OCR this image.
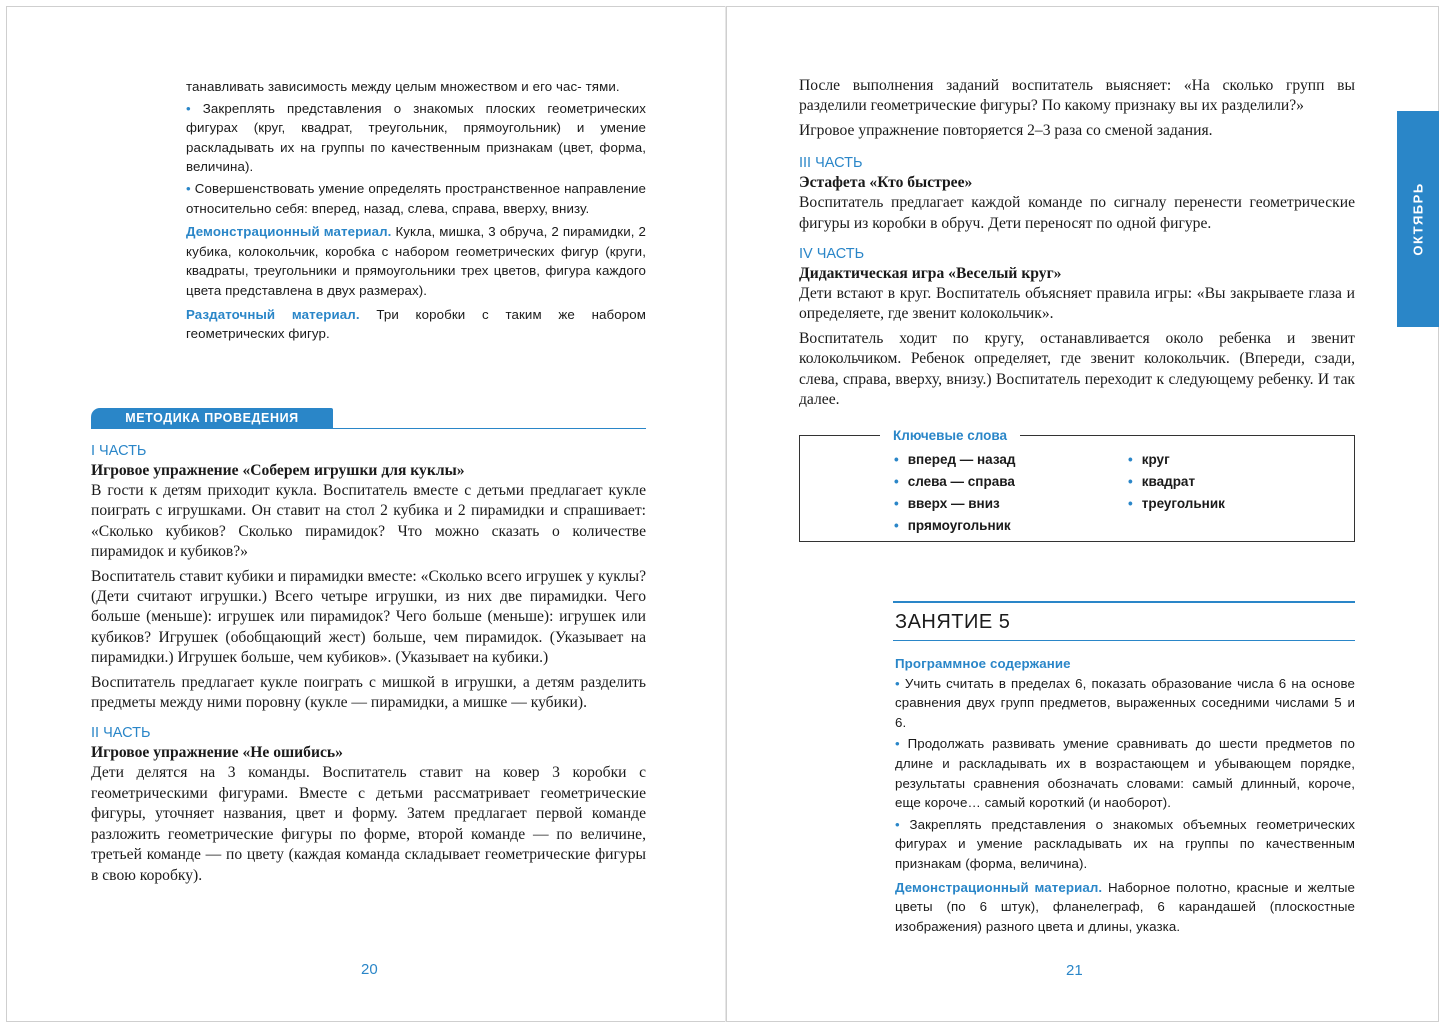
танавливать зависимость между целым множеством и его час- тями.

• Закреплять представления о знакомых плоских геометрических фигурах (круг, квадрат, треугольник, прямоугольник) и умение раскладывать их на группы по качественным признакам (цвет, форма, величина).

• Совершенствовать умение определять пространственное направление относительно себя: вперед, назад, слева, справа, вверху, внизу.

Демонстрационный материал. Кукла, мишка, 3 обруча, 2 пирамидки, 2 кубика, колокольчик, коробка с набором геометрических фигур (круги, квадраты, треугольники и прямоугольники трех цветов, фигура каждого цвета представлена в двух размерах).

Раздаточный материал. Три коробки с таким же набором геометрических фигур.

МЕТОДИКА ПРОВЕДЕНИЯ

I ЧАСТЬ

Игровое упражнение «Соберем игрушки для куклы»

В гости к детям приходит кукла. Воспитатель вместе с детьми предлагает кукле поиграть с игрушками. Он ставит на стол 2 кубика и 2 пирамидки и спрашивает: «Сколько кубиков? Сколько пирамидок? Что можно сказать о количестве пирамидок и кубиков?»

Воспитатель ставит кубики и пирамидки вместе: «Сколько всего игрушек у куклы? (Дети считают игрушки.) Всего четыре игрушки, из них две пирамидки. Чего больше (меньше): игрушек или пирамидок? Чего больше (меньше): игрушек или кубиков? Игрушек (обобщающий жест) больше, чем пирамидок. (Указывает на пирамидки.) Игрушек больше, чем кубиков». (Указывает на кубики.)

Воспитатель предлагает кукле поиграть с мишкой в игрушки, а детям разделить предметы между ними поровну (кукле — пирамидки, а мишке — кубики).

II ЧАСТЬ

Игровое упражнение «Не ошибись»

Дети делятся на 3 команды. Воспитатель ставит на ковер 3 коробки с геометрическими фигурами. Вместе с детьми рассматривает геометрические фигуры, уточняет названия, цвет и форму. Затем предлагает первой команде разложить геометрические фигуры по форме, второй команде — по величине, третьей команде — по цвету (каждая команда складывает геометрические фигуры в свою коробку).

20

После выполнения заданий воспитатель выясняет: «На сколько групп вы разделили геометрические фигуры? По какому признаку вы их разделили?»

Игровое упражнение повторяется 2–3 раза со сменой задания.

III ЧАСТЬ

Эстафета «Кто быстрее»

Воспитатель предлагает каждой команде по сигналу перенести геометрические фигуры из коробки в обруч. Дети переносят по одной фигуре.

IV ЧАСТЬ

Дидактическая игра «Веселый круг»

Дети встают в круг. Воспитатель объясняет правила игры: «Вы закрываете глаза и определяете, где звенит колокольчик».

Воспитатель ходит по кругу, останавливается около ребенка и звенит колокольчиком. Ребенок определяет, где звенит колокольчик. (Впереди, сзади, слева, справа, вверху, внизу.) Воспитатель переходит к следующему ребенку. И так далее.

ОКТЯБРЬ
Ключевые слова
• вперед — назад
• слева — справа
• вверх — вниз
• прямоугольник
• круг
• квадрат
• треугольник
ЗАНЯТИЕ 5

Программное содержание

• Учить считать в пределах 6, показать образование числа 6 на основе сравнения двух групп предметов, выраженных соседними числами 5 и 6.

• Продолжать развивать умение сравнивать до шести предметов по длине и раскладывать их в возрастающем и убывающем порядке, результаты сравнения обозначать словами: самый длинный, короче, еще короче… самый короткий (и наоборот).

• Закреплять представления о знакомых объемных геометрических фигурах и умение раскладывать их на группы по качественным признакам (форма, величина).

Демонстрационный материал. Наборное полотно, красные и желтые цветы (по 6 штук), фланелеграф, 6 карандашей (плоскостные изображения) разного цвета и длины, указка.

21
